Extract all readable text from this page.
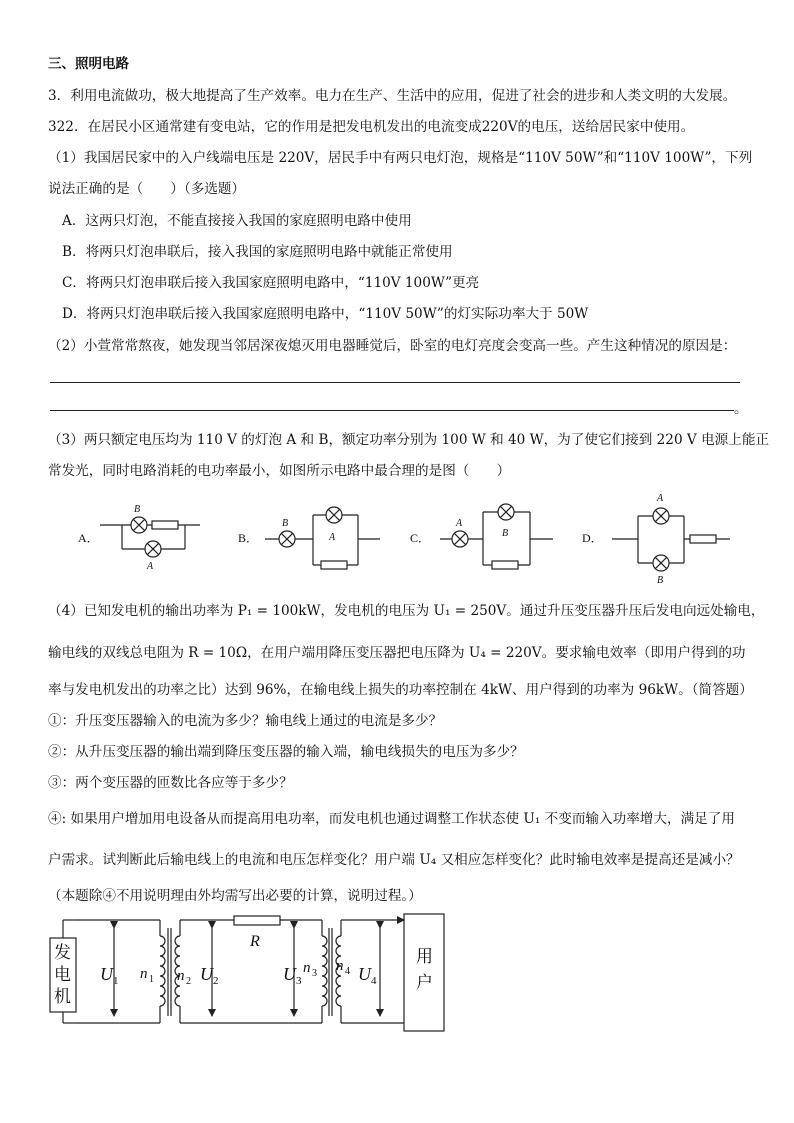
三、照明电路
3．利用电流做功，极大地提高了生产效率。电力在生产、生活中的应用，促进了社会的进步和人类文明的大发展。
322．在居民小区通常建有变电站，它的作用是把发电机发出的电流变成220V的电压，送给居民家中使用。
（1）我国居民家中的入户线端电压是 220V，居民手中有两只电灯泡，规格是“110V 50W”和“110V 100W”，下列
说法正确的是（　　）（多选题）
A．这两只灯泡，不能直接接入我国的家庭照明电路中使用
B．将两只灯泡串联后，接入我国的家庭照明电路中就能正常使用
C．将两只灯泡串联后接入我国家庭照明电路中，“110V 100W”更亮
D．将两只灯泡串联后接入我国家庭照明电路中，“110V 50W”的灯实际功率大于 50W
（2）小萱常常熬夜，她发现当邻居深夜熄灭用电器睡觉后，卧室的电灯亮度会变高一些。产生这种情况的原因是：
。
（3）两只额定电压均为 110 V 的灯泡 A 和 B，额定功率分别为 100 W 和 40 W，为了使它们接到 220 V 电源上能正
常发光，同时电路消耗的电功率最小，如图所示电路中最合理的是图（　　）
A．	B．	C．	D．
B
A
B
A
A
B
A
B
（4）已知发电机的输出功率为 P₁ = 100kW，发电机的电压为 U₁ = 250V。通过升压变压器升压后发电向远处输电，
输电线的双线总电阻为 R = 10Ω，在用户端用降压变压器把电压降为 U₄ = 220V。要求输电效率（即用户得到的功
率与发电机发出的功率之比）达到 96%，在输电线上损失的功率控制在 4kW、用户得到的功率为 96kW。（简答题）
①：升压变压器输入的电流为多少？输电线上通过的电流是多少？
②：从升压变压器的输出端到降压变压器的输入端，输电线损失的电压为多少？
③：两个变压器的匝数比各应等于多少？
④: 如果用户增加用电设备从而提高用电功率，而发电机也通过调整工作状态使 U₁ 不变而输入功率增大，满足了用
户需求。试判断此后输电线上的电流和电压怎样变化？用户端 U₄ 又相应怎样变化？此时输电效率是提高还是减小？
（本题除④不用说明理由外均需写出必要的计算，说明过程。）
发
电
机
用
户
R
U 1	U 2	U 3	U 4
n 1 n 2
n 3 n 4
